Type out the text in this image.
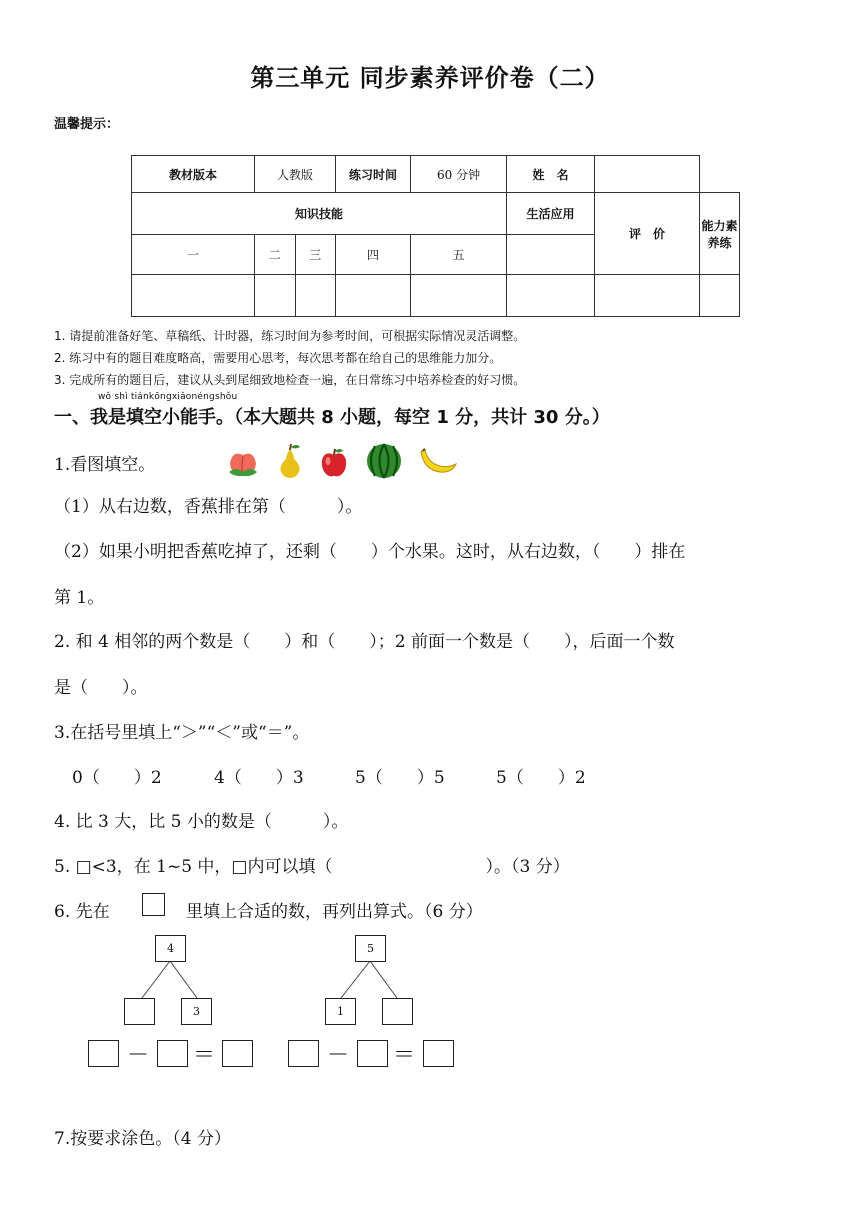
第三单元 同步素养评价卷（二）
温馨提示：
教材版本	人教版		练习时间	60 分钟	姓　名		
知识技能					生活应用	评　价	能力素养练
一	二	三	四	五			

1. 请提前准备好笔、草稿纸、计时器，练习时间为参考时间，可根据实际情况灵活调整。
2. 练习中有的题目难度略高，需要用心思考，每次思考都在给自己的思维能力加分。
3. 完成所有的题目后，建议从头到尾细致地检查一遍，在日常练习中培养检查的好习惯。
wǒ shì tiánkōngxiǎonéngshǒu
一、我是填空小能手。（本大题共 8 小题，每空 1 分，共计 30 分。）
1.看图填空。
（1）从右边数，香蕉排在第（　　　）。
（2）如果小明把香蕉吃掉了，还剩（　　）个水果。这时，从右边数，（　　）排在
第 1。
2. 和 4 相邻的两个数是（　　）和（　　）；2 前面一个数是（　　），后面一个数
是（　　）。
3.在括号里填上“＞”“＜”或“＝”。
0（　　）2	4（　　）3	5（　　）5	5（　　）2
4. 比 3 大，比 5 小的数是（　　　）。
5. □<3，在 1~5 中，□内可以填（　　　　　　　　　）。（3 分）
6. 先在	里填上合适的数，再列出算式。（6 分）
4
3
5
1
－ ＝	－ ＝
7.按要求涂色。（4 分）
